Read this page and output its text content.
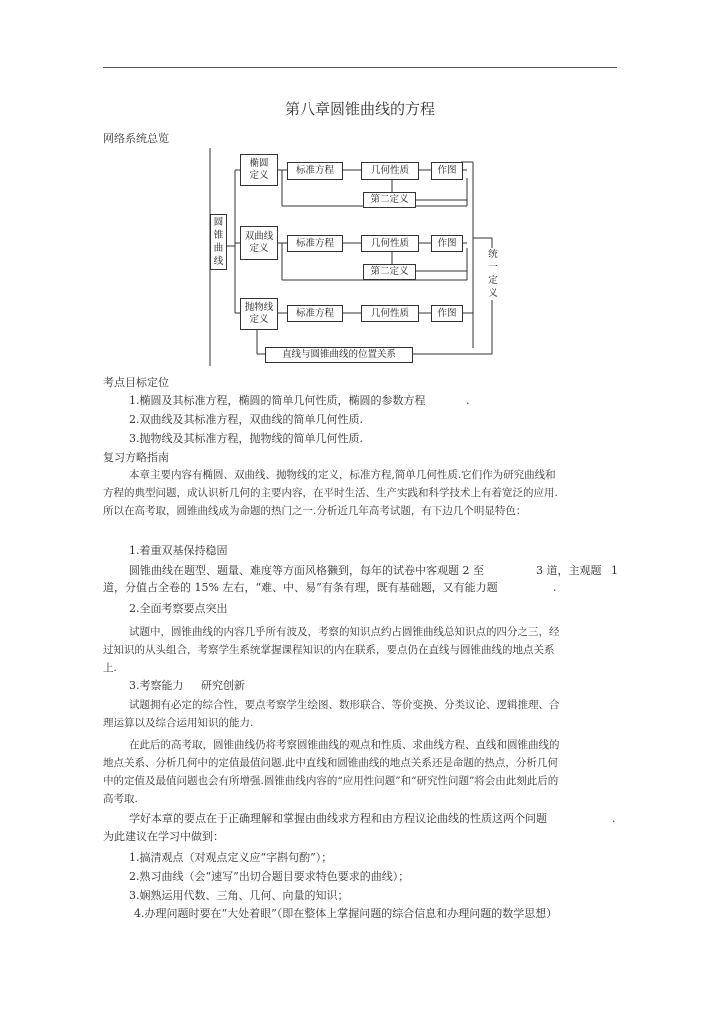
第八章圆锥曲线的方程
网络系统总览
圆锥曲线
椭圆定义	标准方程	几何性质	作图
第二定义
双曲线定义	标准方程	几何性质	作图
第二定义
抛物线定义
标准方程	几何性质	作图
统一定义
直线与圆锥曲线的位置关系
考点目标定位
1.椭圆及其标准方程，椭圆的简单几何性质，椭圆的参数方程	.
2.双曲线及其标准方程，双曲线的简单几何性质.
3.抛物线及其标准方程，抛物线的简单几何性质.
复习方略指南
本章主要内容有椭圆、双曲线、抛物线的定义，标准方程,简单几何性质.它们作为研究曲线和方程的典型问题，成认识析几何的主要内容，在平时生活、生产实践和科学技术上有着宽泛的应用.所以在高考取，圆锥曲线成为命题的热门之一.分析近几年高考试题，有下边几个明显特色：
1.着重双基保持稳固
圆锥曲线在题型、题量、难度等方面风格獭到，每年的试卷中客观题 2 至	3 道，主观题 1
道，分值占全卷的 15% 左右，“难、中、易”有条有理，既有基础题，又有能力题	.
2.全面考察要点突出
试题中，圆锥曲线的内容几乎所有波及，考察的知识点约占圆锥曲线总知识点的四分之三，经过知识的从头组合，考察学生系统掌握课程知识的内在联系，要点仍在直线与圆锥曲线的地点关系上.
3.考察能力 研究创新
试题拥有必定的综合性，要点考察学生绘图、数形联合、等价变换、分类议论、逻辑推理、合理运算以及综合运用知识的能力.
在此后的高考取，圆锥曲线仍将考察圆锥曲线的观点和性质、求曲线方程、直线和圆锥曲线的地点关系、分析几何中的定值最值问题.此中直线和圆锥曲线的地点关系还是命题的热点，分析几何中的定值及最值问题也会有所增强.圆锥曲线内容的“应用性问题”和“研究性问题”将会由此刻此后的高考取.
学好本章的要点在于正确理解和掌握由曲线求方程和由方程议论曲线的性质这两个问题	.
为此建议在学习中做到：
1.搞清观点（对观点定义应“字斟句酌”）；
2.熟习曲线（会“速写”出切合题目要求特色要求的曲线）；
3.娴熟运用代数、三角、几何、向量的知识；
4.办理问题时要在“大处着眼”（即在整体上掌握问题的综合信息和办理问题的数学思想）
